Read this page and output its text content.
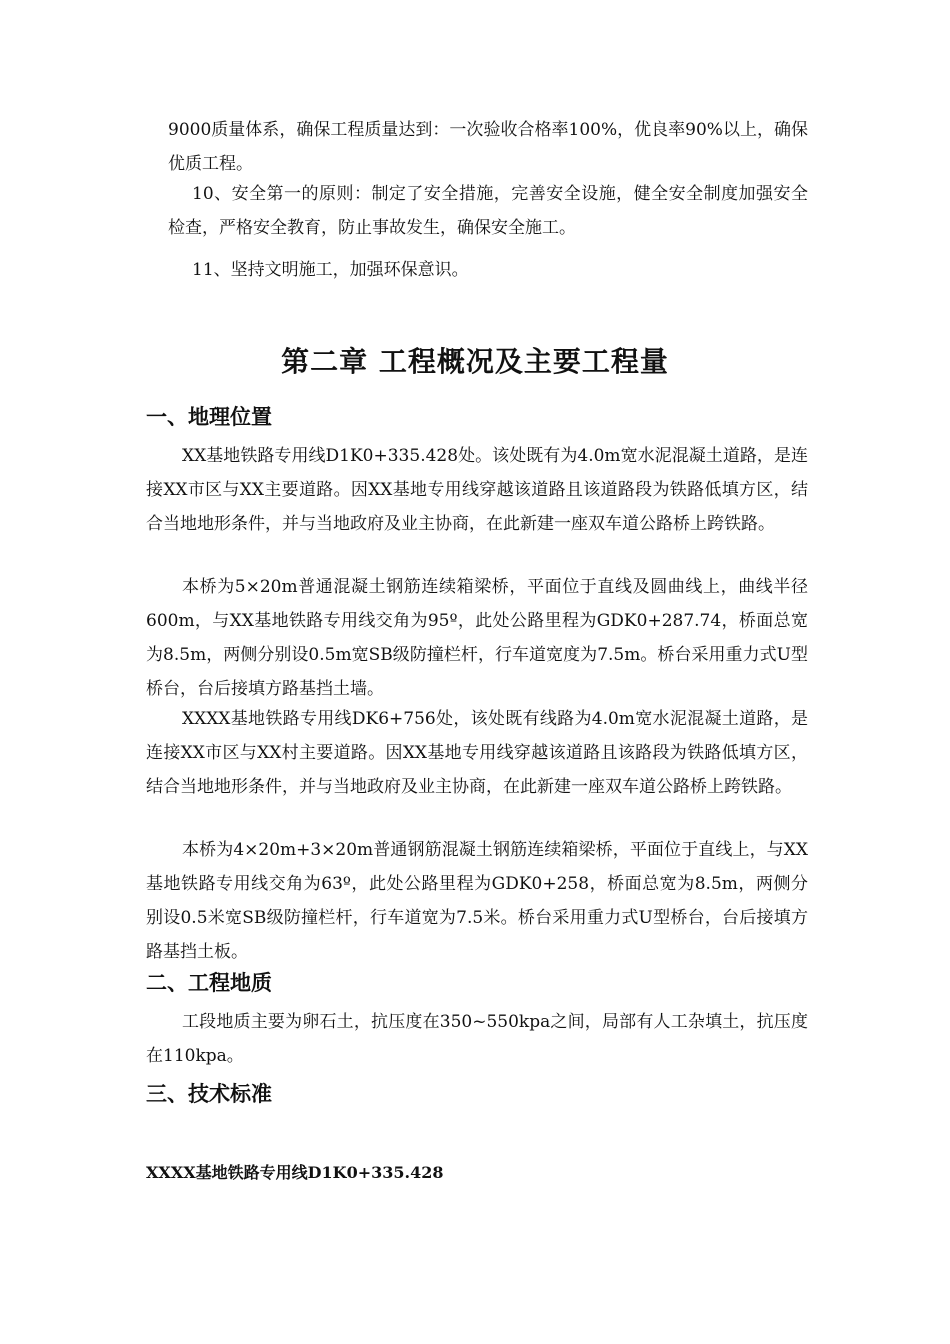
9000质量体系，确保工程质量达到：一次验收合格率100%，优良率90%以上，确保优质工程。

10、安全第一的原则：制定了安全措施，完善安全设施，健全安全制度加强安全检查，严格安全教育，防止事故发生，确保安全施工。

11、坚持文明施工，加强环保意识。

第二章 工程概况及主要工程量
一、地理位置

XX基地铁路专用线D1K0+335.428处。该处既有为4.0m宽水泥混凝土道路，是连接XX市区与XX主要道路。因XX基地专用线穿越该道路且该道路段为铁路低填方区，结合当地地形条件，并与当地政府及业主协商，在此新建一座双车道公路桥上跨铁路。

本桥为5×20m普通混凝土钢筋连续箱梁桥，平面位于直线及圆曲线上，曲线半径600m，与XX基地铁路专用线交角为95º，此处公路里程为GDK0+287.74，桥面总宽为8.5m，两侧分别设0.5m宽SB级防撞栏杆，行车道宽度为7.5m。桥台采用重力式U型桥台，台后接填方路基挡土墙。

XXXX基地铁路专用线DK6+756处，该处既有线路为4.0m宽水泥混凝土道路，是连接XX市区与XX村主要道路。因XX基地专用线穿越该道路且该路段为铁路低填方区，结合当地地形条件，并与当地政府及业主协商，在此新建一座双车道公路桥上跨铁路。

本桥为4×20m+3×20m普通钢筋混凝土钢筋连续箱梁桥，平面位于直线上，与XX基地铁路专用线交角为63º，此处公路里程为GDK0+258，桥面总宽为8.5m，两侧分别设0.5米宽SB级防撞栏杆，行车道宽为7.5米。桥台采用重力式U型桥台，台后接填方路基挡土板。

二、工程地质

工段地质主要为卵石土，抗压度在350~550kpa之间，局部有人工杂填土，抗压度在110kpa。

三、技术标准

XXXX基地铁路专用线D1K0+335.428
